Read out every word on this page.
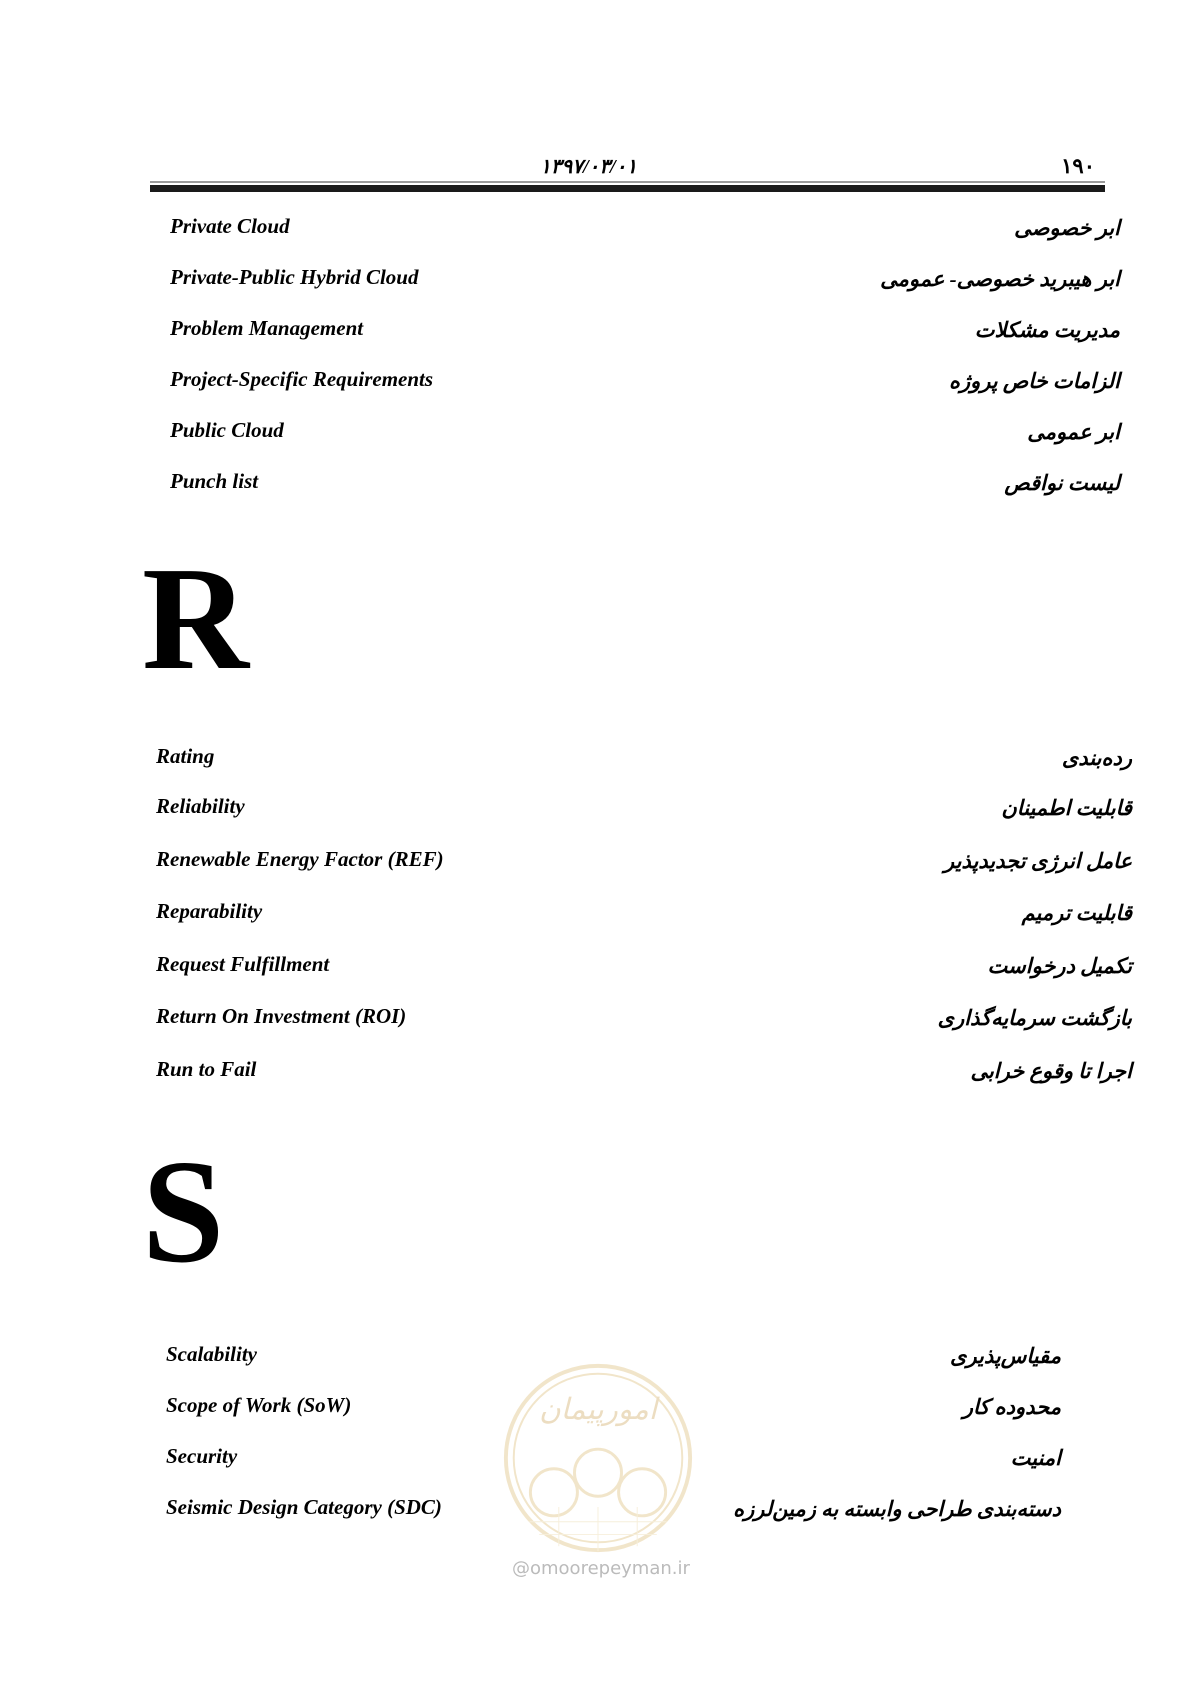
۱۳۹۷/۰۳/۰۱	۱۹۰
Private Cloud	ابر خصوصی
Private-Public Hybrid Cloud	ابر هیبرید خصوصی- عمومی
Problem Management	مدیریت مشکلات
Project-Specific Requirements	الزامات خاص پروژه
Public Cloud	ابر عمومی
Punch list	لیست نواقص
R
Rating	رده‌بندی
Reliability	قابلیت اطمینان
Renewable Energy Factor (REF)	عامل انرژی تجدیدپذیر
Reparability	قابلیت ترمیم
Request Fulfillment	تکمیل درخواست
Return On Investment (ROI)	بازگشت سرمایه‌گذاری
Run to Fail	اجرا تا وقوع خرابی
S
Scalability	مقیاس‌پذیری
Scope of Work (SoW)	محدوده کار
Security	امنیت
Seismic Design Category (SDC)	دسته‌بندی طراحی وابسته به زمین‌لرزه
امورپیمان
@omoorepeyman.ir
